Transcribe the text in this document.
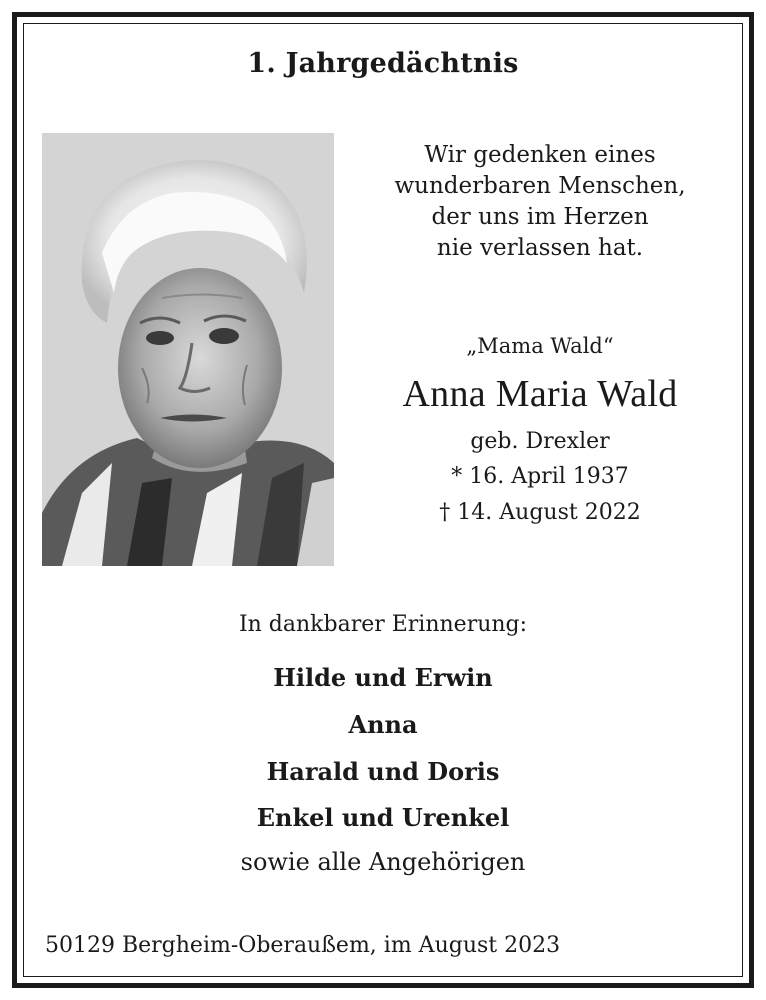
1. Jahrgedächtnis
Wir gedenken eines
wunderbaren Menschen,
der uns im Herzen
nie verlassen hat.
„Mama Wald“
Anna Maria Wald
geb. Drexler
* 16. April 1937
† 14. August 2022
In dankbarer Erinnerung:
Hilde und Erwin
Anna
Harald und Doris
Enkel und Urenkel
sowie alle Angehörigen
50129 Bergheim-Oberaußem, im August 2023
